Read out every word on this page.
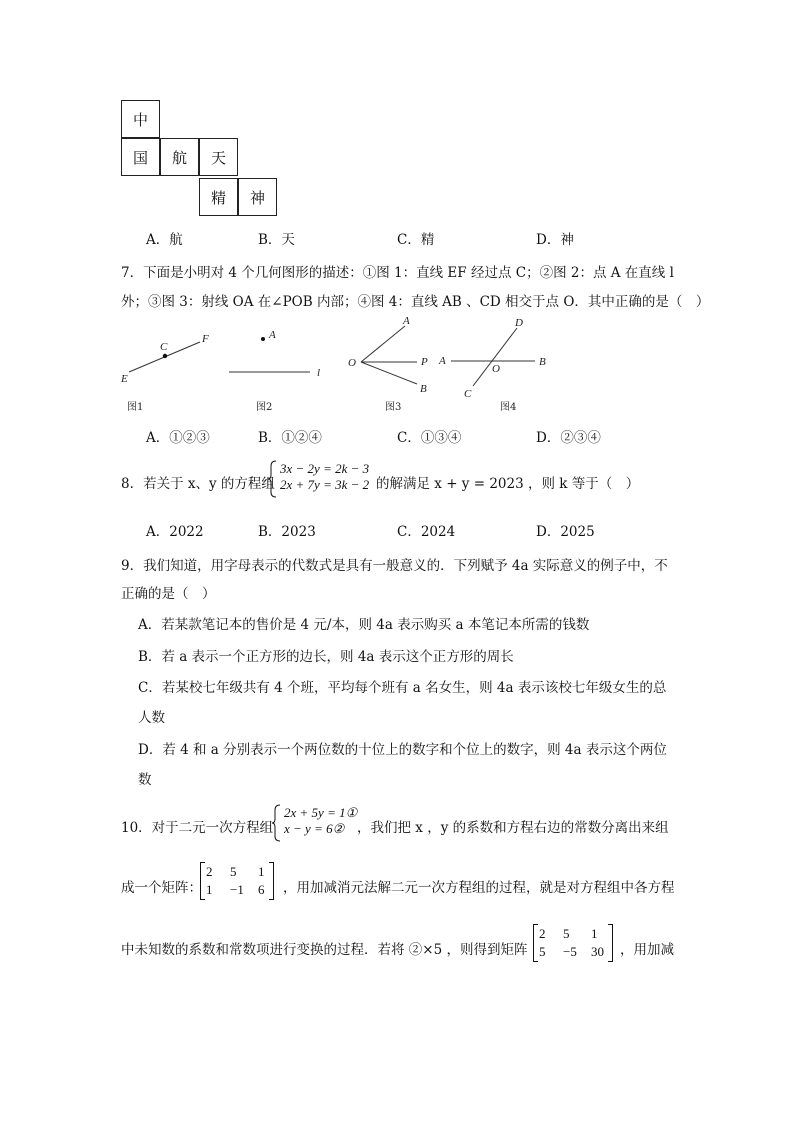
中
国	航	天
精	神
A．航	B．天	C．精	D．神
7．下面是小明对 4 个几何图形的描述：①图 1：直线 EF 经过点 C；②图 2：点 A 在直线 l
外；③图 3：射线 OA 在∠POB 内部；④图 4：直线 AB 、CD 相交于点 O．其中正确的是（　）
C
F
E
A
l
A
O	P
B
D
A
O
B
C
图1	图2	图3	图4
A．①②③	B．①②④	C．①③④	D．②③④
8．若关于 x、y 的方程组
3x − 2y = 2k − 3
2x + 7y = 3k − 2 的解满足 x + y = 2023 ，则 k 等于（　）
A．2022	B．2023	C．2024	D．2025
9．我们知道，用字母表示的代数式是具有一般意义的．下列赋予 4a 实际意义的例子中，不
正确的是（　）
A．若某款笔记本的售价是 4 元/本，则 4a 表示购买 a 本笔记本所需的钱数
B．若 a 表示一个正方形的边长，则 4a 表示这个正方形的周长
C．若某校七年级共有 4 个班，平均每个班有 a 名女生，则 4a 表示该校七年级女生的总
人数
D．若 4 和 a 分别表示一个两位数的十位上的数字和个位上的数字，则 4a 表示这个两位
数
10．对于二元一次方程组
2x + 5y = 1①
x − y = 6② ，我们把 x ，y 的系数和方程右边的常数分离出来组
成一个矩阵：
2	5	1
1	−1	6 ，用加减消元法解二元一次方程组的过程，就是对方程组中各方程
中未知数的系数和常数项进行变换的过程．若将 ②×5 ，则得到矩阵
2	5	1
5	−5	30 ，用加减
